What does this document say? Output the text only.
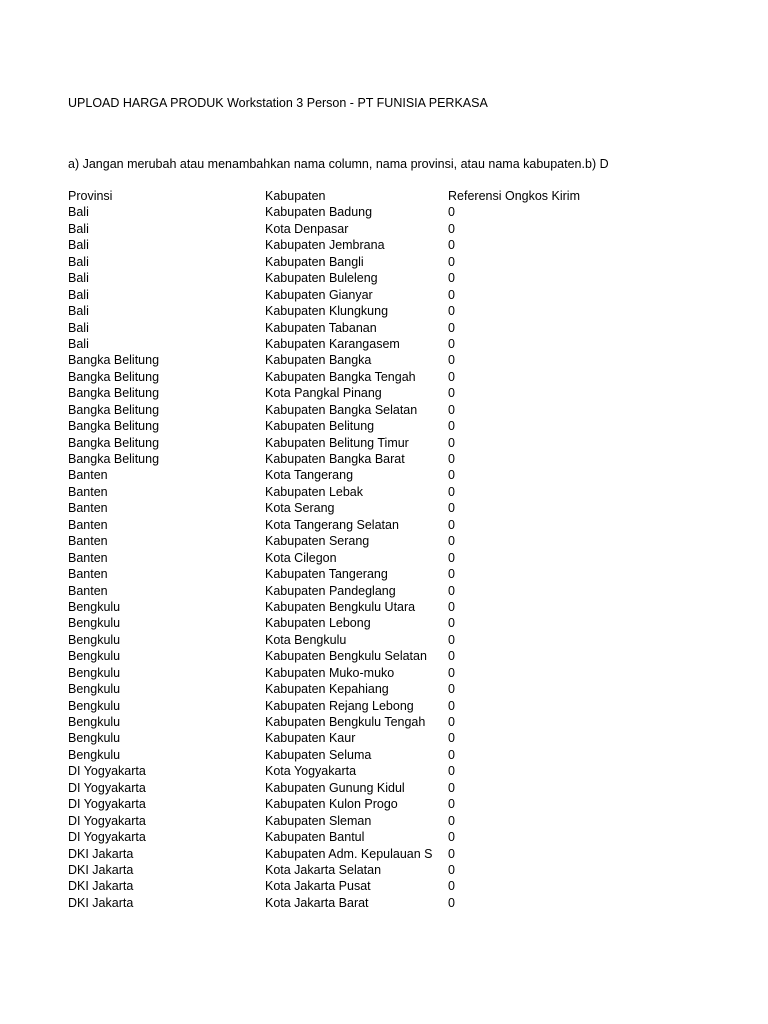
UPLOAD HARGA PRODUK Workstation 3 Person - PT FUNISIA PERKASA
a) Jangan merubah atau menambahkan nama column, nama provinsi, atau nama kabupaten.b) D
Provinsi	Kabupaten	Referensi Ongkos Kirim
Bali	Kabupaten Badung	0
Bali	Kota Denpasar	0
Bali	Kabupaten Jembrana	0
Bali	Kabupaten Bangli	0
Bali	Kabupaten Buleleng	0
Bali	Kabupaten Gianyar	0
Bali	Kabupaten Klungkung	0
Bali	Kabupaten Tabanan	0
Bali	Kabupaten Karangasem	0
Bangka Belitung	Kabupaten Bangka	0
Bangka Belitung	Kabupaten Bangka Tengah	0
Bangka Belitung	Kota Pangkal Pinang	0
Bangka Belitung	Kabupaten Bangka Selatan	0
Bangka Belitung	Kabupaten Belitung	0
Bangka Belitung	Kabupaten Belitung Timur	0
Bangka Belitung	Kabupaten Bangka Barat	0
Banten	Kota Tangerang	0
Banten	Kabupaten Lebak	0
Banten	Kota Serang	0
Banten	Kota Tangerang Selatan	0
Banten	Kabupaten Serang	0
Banten	Kota Cilegon	0
Banten	Kabupaten Tangerang	0
Banten	Kabupaten Pandeglang	0
Bengkulu	Kabupaten Bengkulu Utara	0
Bengkulu	Kabupaten Lebong	0
Bengkulu	Kota Bengkulu	0
Bengkulu	Kabupaten Bengkulu Selatan	0
Bengkulu	Kabupaten Muko-muko	0
Bengkulu	Kabupaten Kepahiang	0
Bengkulu	Kabupaten Rejang Lebong	0
Bengkulu	Kabupaten Bengkulu Tengah	0
Bengkulu	Kabupaten Kaur	0
Bengkulu	Kabupaten Seluma	0
DI Yogyakarta	Kota Yogyakarta	0
DI Yogyakarta	Kabupaten Gunung Kidul	0
DI Yogyakarta	Kabupaten Kulon Progo	0
DI Yogyakarta	Kabupaten Sleman	0
DI Yogyakarta	Kabupaten Bantul	0
DKI Jakarta	Kabupaten Adm. Kepulauan S	0
DKI Jakarta	Kota Jakarta Selatan	0
DKI Jakarta	Kota Jakarta Pusat	0
DKI Jakarta	Kota Jakarta Barat	0
